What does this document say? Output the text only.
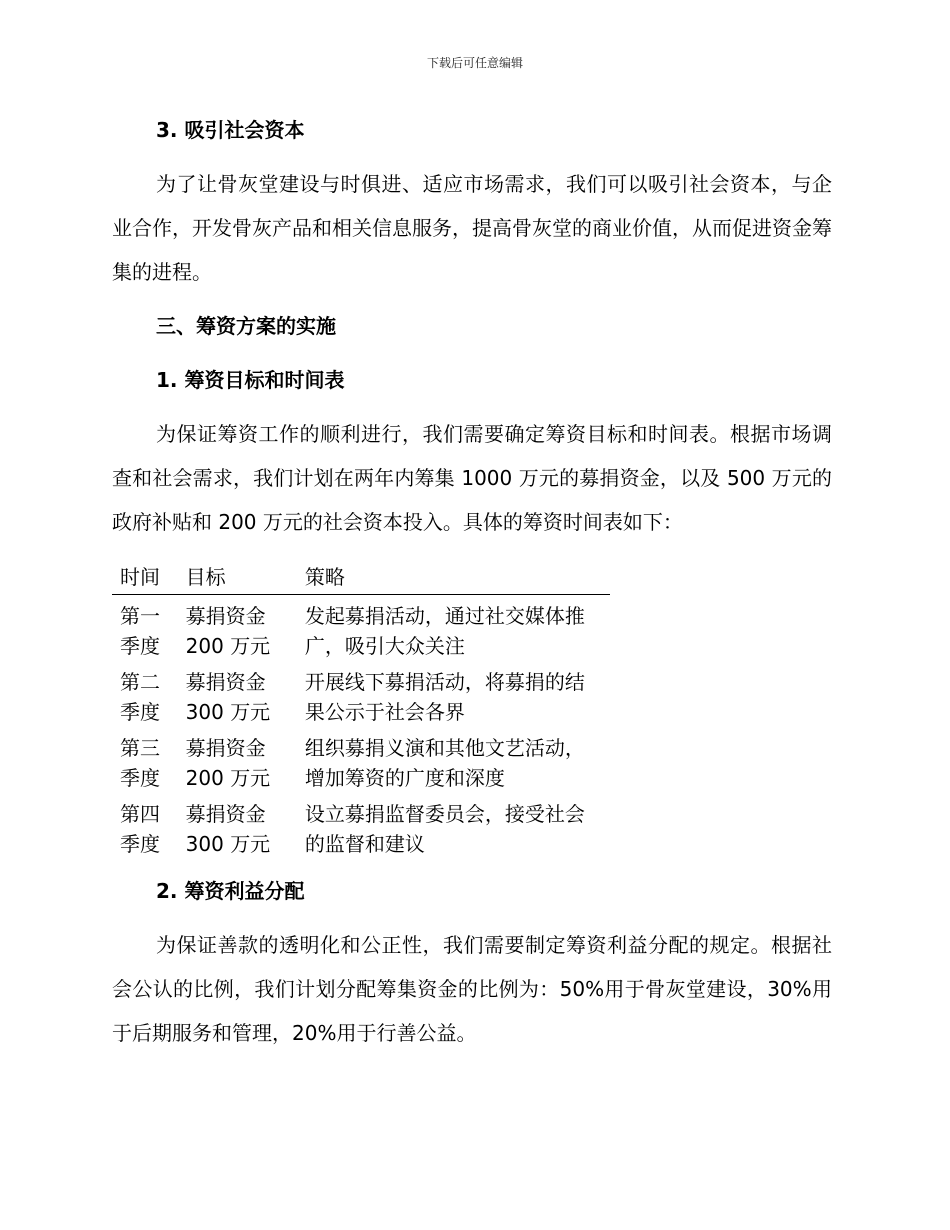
下载后可任意编辑

3. 吸引社会资本

为了让骨灰堂建设与时俱进、适应市场需求，我们可以吸引社会资本，与企业合作，开发骨灰产品和相关信息服务，提高骨灰堂的商业价值，从而促进资金筹集的进程。

三、筹资方案的实施

1. 筹资目标和时间表

为保证筹资工作的顺利进行，我们需要确定筹资目标和时间表。根据市场调查和社会需求，我们计划在两年内筹集 1000 万元的募捐资金，以及 500 万元的政府补贴和 200 万元的社会资本投入。具体的筹资时间表如下：

时间	目标	策略
第一季度	募捐资金 200 万元	发起募捐活动，通过社交媒体推广，吸引大众关注
第二季度	募捐资金 300 万元	开展线下募捐活动，将募捐的结果公示于社会各界
第三季度	募捐资金 200 万元	组织募捐义演和其他文艺活动，增加筹资的广度和深度
第四季度	募捐资金 300 万元	设立募捐监督委员会，接受社会的监督和建议

2. 筹资利益分配

为保证善款的透明化和公正性，我们需要制定筹资利益分配的规定。根据社会公认的比例，我们计划分配筹集资金的比例为：50%用于骨灰堂建设，30%用于后期服务和管理，20%用于行善公益。
